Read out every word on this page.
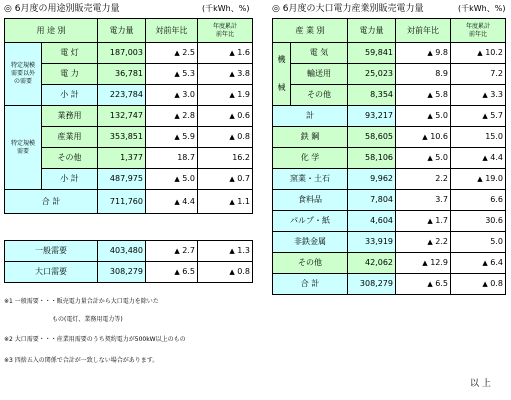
◎ 6月度の用途別販売電力量	(千kWh、%)	◎ 6月度の大口電力産業別販売電力量	(千kWh、%)
用 途 別		電力量	対前年比	年度累計
前年比
特定規模
需要以外
の需要	電 灯	187,003	▲ 2.5	▲ 1.6
	電 力	36,781	▲ 5.3	▲ 3.8
	小 計	223,784	▲ 3.0	▲ 1.9
特定規模
需要	業務用	132,747	▲ 2.8	▲ 0.6
	産業用	353,851	▲ 5.9	▲ 0.8
	その他	1,377	18.7	16.2
	小 計	487,975	▲ 5.0	▲ 0.7
合 計		711,760	▲ 4.4	▲ 1.1
一般需要	403,480	▲ 2.7	▲ 1.3
大口需要	308,279	▲ 6.5	▲ 0.8
産 業 別		電力量	対前年比	年度累計
前年比
機

械	電 気	59,841	▲ 9.8	▲ 10.2
	輸送用	25,023	8.9	7.2
	その他	8,354	▲ 5.8	▲ 3.3
計		93,217	▲ 5.0	▲ 5.7
鉄 鋼		58,605	▲ 10.6	15.0
化 学		58,106	▲ 5.0	▲ 4.4
窯業・土石		9,962	2.2	▲ 19.0
食料品		7,804	3.7	6.6
パルプ・紙		4,604	▲ 1.7	30.6
非鉄金属		33,919	▲ 2.2	5.0
その他		42,062	▲ 12.9	▲ 6.4
合 計		308,279	▲ 6.5	▲ 0.8
※1 一般需要・・・販売電力量合計から大口電力を除いた
もの(電灯、業務用電力等)
※2 大口需要・・・産業用需要のうち契約電力が500kW以上のもの
※3 四捨五入の関係で合計が一致しない場合があります。
以 上
